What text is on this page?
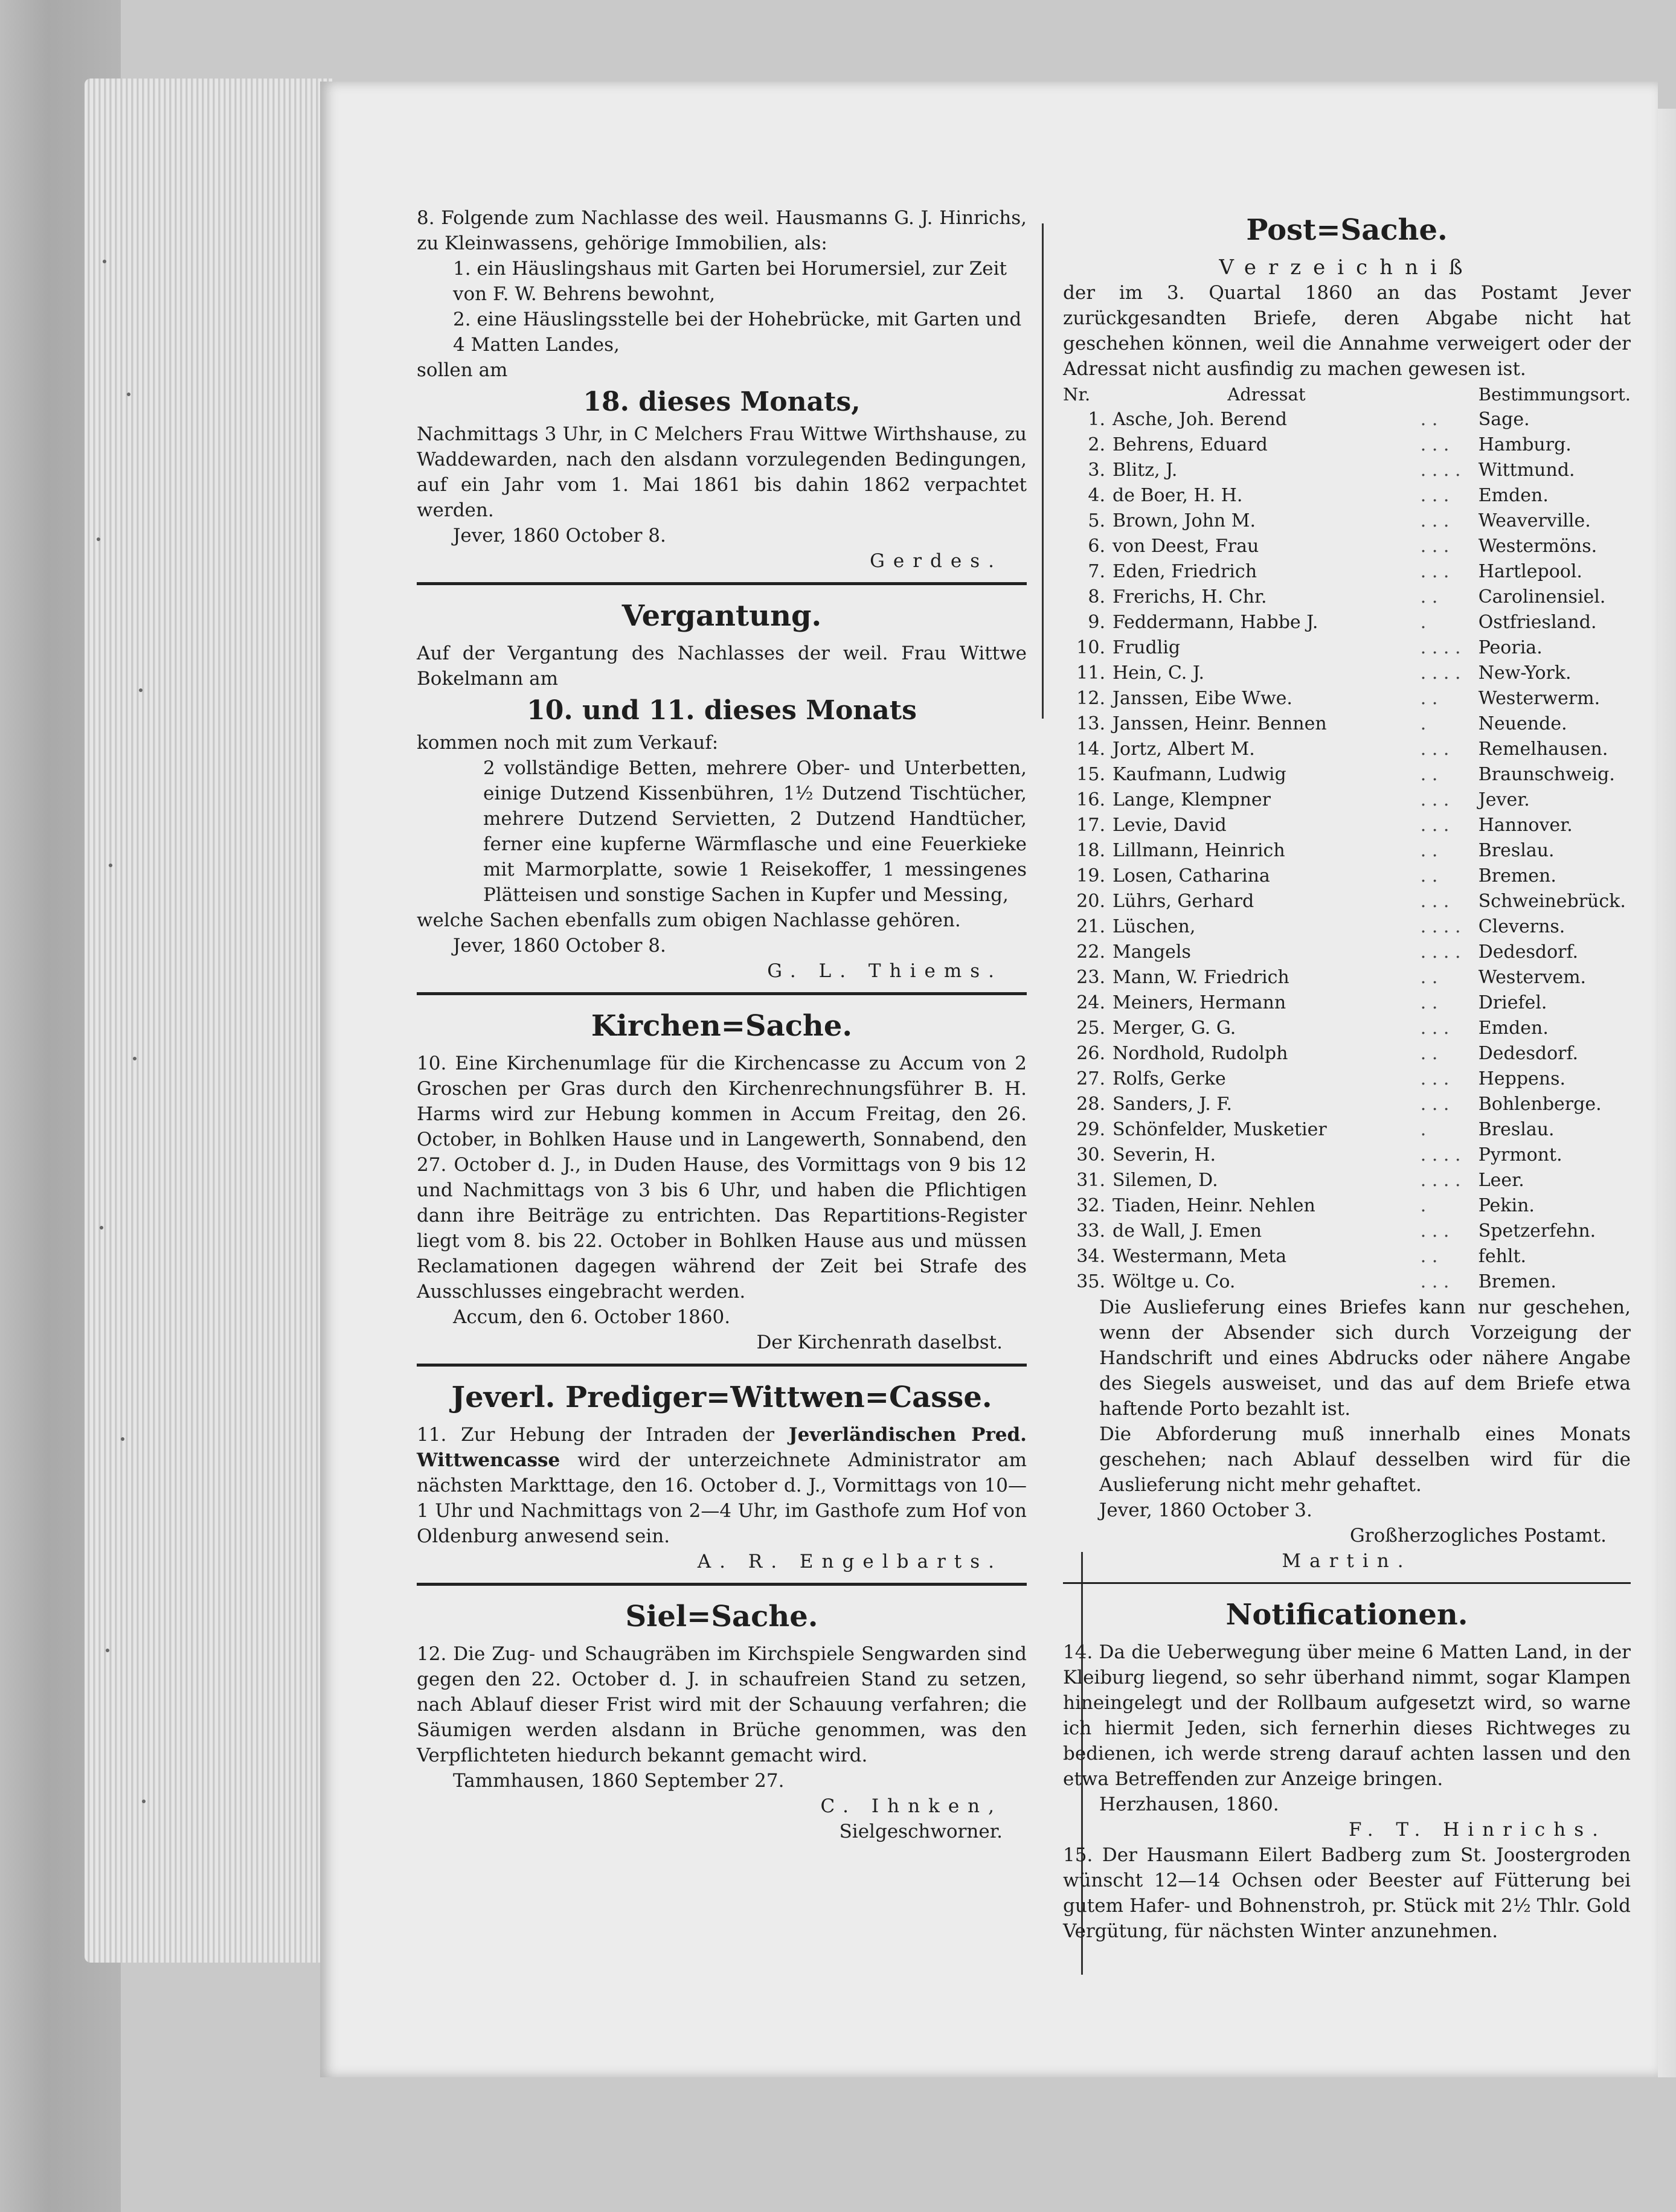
8. Folgende zum Nachlasse des weil. Hausmanns G. J. Hinrichs, zu Kleinwassens, gehörige Immobilien, als:

1. ein Häuslingshaus mit Garten bei Horumersiel, zur Zeit von F. W. Behrens bewohnt,

2. eine Häuslingsstelle bei der Hohebrücke, mit Garten und 4 Matten Landes,

sollen am

18. dieses Monats,

Nachmittags 3 Uhr, in C Melchers Frau Wittwe Wirthshause, zu Waddewarden, nach den alsdann vorzulegenden Bedingungen, auf ein Jahr vom 1. Mai 1861 bis dahin 1862 verpachtet werden.

Jever, 1860 October 8.

Gerdes.

Vergantung.

Auf der Vergantung des Nachlasses der weil. Frau Wittwe Bokelmann am

10. und 11. dieses Monats

kommen noch mit zum Verkauf:

2 vollständige Betten, mehrere Ober- und Unterbetten, einige Dutzend Kissenbühren, 1½ Dutzend Tischtücher, mehrere Dutzend Servietten, 2 Dutzend Handtücher, ferner eine kupferne Wärmflasche und eine Feuerkieke mit Marmorplatte, sowie 1 Reisekoffer, 1 messingenes Plätteisen und sonstige Sachen in Kupfer und Messing,

welche Sachen ebenfalls zum obigen Nachlasse gehören.

Jever, 1860 October 8.

G. L. Thiems.

Kirchen=Sache.

10. Eine Kirchenumlage für die Kirchencasse zu Accum von 2 Groschen per Gras durch den Kirchenrechnungsführer B. H. Harms wird zur Hebung kommen in Accum Freitag, den 26. October, in Bohlken Hause und in Langewerth, Sonnabend, den 27. October d. J., in Duden Hause, des Vormittags von 9 bis 12 und Nachmittags von 3 bis 6 Uhr, und haben die Pflichtigen dann ihre Beiträge zu entrichten. Das Repartitions-Register liegt vom 8. bis 22. October in Bohlken Hause aus und müssen Reclamationen dagegen während der Zeit bei Strafe des Ausschlusses eingebracht werden.

Accum, den 6. October 1860.

Der Kirchenrath daselbst.

Jeverl. Prediger=Wittwen=Casse.

11. Zur Hebung der Intraden der Jeverländischen Pred. Wittwencasse wird der unterzeichnete Administrator am nächsten Markttage, den 16. October d. J., Vormittags von 10—1 Uhr und Nachmittags von 2—4 Uhr, im Gasthofe zum Hof von Oldenburg anwesend sein.

A. R. Engelbarts.

Siel=Sache.

12. Die Zug- und Schaugräben im Kirchspiele Sengwarden sind gegen den 22. October d. J. in schaufreien Stand zu setzen, nach Ablauf dieser Frist wird mit der Schauung verfahren; die Säumigen werden alsdann in Brüche genommen, was den Verpflichteten hiedurch bekannt gemacht wird.

Tammhausen, 1860 September 27.

C. Ihnken,

Sielgeschworner.

Post=Sache.

Verzeichniß

der im 3. Quartal 1860 an das Postamt Jever zurückgesandten Briefe, deren Abgabe nicht hat geschehen können, weil die Annahme verweigert oder der Adressat nicht ausfindig zu machen gewesen ist.

Nr.	Adressat		Bestimmungsort.
1.	Asche, Joh. Berend	. .	Sage.
2.	Behrens, Eduard	. . .	Hamburg.
3.	Blitz, J.	. . . .	Wittmund.
4.	de Boer, H. H.	. . .	Emden.
5.	Brown, John M.	. . .	Weaverville.
6.	von Deest, Frau	. . .	Westermöns.
7.	Eden, Friedrich	. . .	Hartlepool.
8.	Frerichs, H. Chr.	. .	Carolinensiel.
9.	Feddermann, Habbe J.	.	Ostfriesland.
10.	Frudlig	. . . .	Peoria.
11.	Hein, C. J.	. . . .	New-York.
12.	Janssen, Eibe Wwe.	. .	Westerwerm.
13.	Janssen, Heinr. Bennen	.	Neuende.
14.	Jortz, Albert M.	. . .	Remelhausen.
15.	Kaufmann, Ludwig	. .	Braunschweig.
16.	Lange, Klempner	. . .	Jever.
17.	Levie, David	. . .	Hannover.
18.	Lillmann, Heinrich	. .	Breslau.
19.	Losen, Catharina	. .	Bremen.
20.	Lührs, Gerhard	. . .	Schweinebrück.
21.	Lüschen,	. . . .	Cleverns.
22.	Mangels	. . . .	Dedesdorf.
23.	Mann, W. Friedrich	. .	Westervem.
24.	Meiners, Hermann	. .	Driefel.
25.	Merger, G. G.	. . .	Emden.
26.	Nordhold, Rudolph	. .	Dedesdorf.
27.	Rolfs, Gerke	. . .	Heppens.
28.	Sanders, J. F.	. . .	Bohlenberge.
29.	Schönfelder, Musketier	.	Breslau.
30.	Severin, H.	. . . .	Pyrmont.
31.	Silemen, D.	. . . .	Leer.
32.	Tiaden, Heinr. Nehlen	.	Pekin.
33.	de Wall, J. Emen	. . .	Spetzerfehn.
34.	Westermann, Meta	. .	fehlt.
35.	Wöltge u. Co.	. . .	Bremen.

Die Auslieferung eines Briefes kann nur geschehen, wenn der Absender sich durch Vorzeigung der Handschrift und eines Abdrucks oder nähere Angabe des Siegels ausweiset, und das auf dem Briefe etwa haftende Porto bezahlt ist.

Die Abforderung muß innerhalb eines Monats geschehen; nach Ablauf desselben wird für die Auslieferung nicht mehr gehaftet.

Jever, 1860 October 3.

Großherzogliches Postamt.

Martin.

Notificationen.

14. Da die Ueberwegung über meine 6 Matten Land, in der Kleiburg liegend, so sehr überhand nimmt, sogar Klampen hineingelegt und der Rollbaum aufgesetzt wird, so warne ich hiermit Jeden, sich fernerhin dieses Richtweges zu bedienen, ich werde streng darauf achten lassen und den etwa Betreffenden zur Anzeige bringen.

Herzhausen, 1860.

F. T. Hinrichs.

15. Der Hausmann Eilert Badberg zum St. Joostergroden wünscht 12—14 Ochsen oder Beester auf Fütterung bei gutem Hafer- und Bohnenstroh, pr. Stück mit 2½ Thlr. Gold Vergütung, für nächsten Winter anzunehmen.
